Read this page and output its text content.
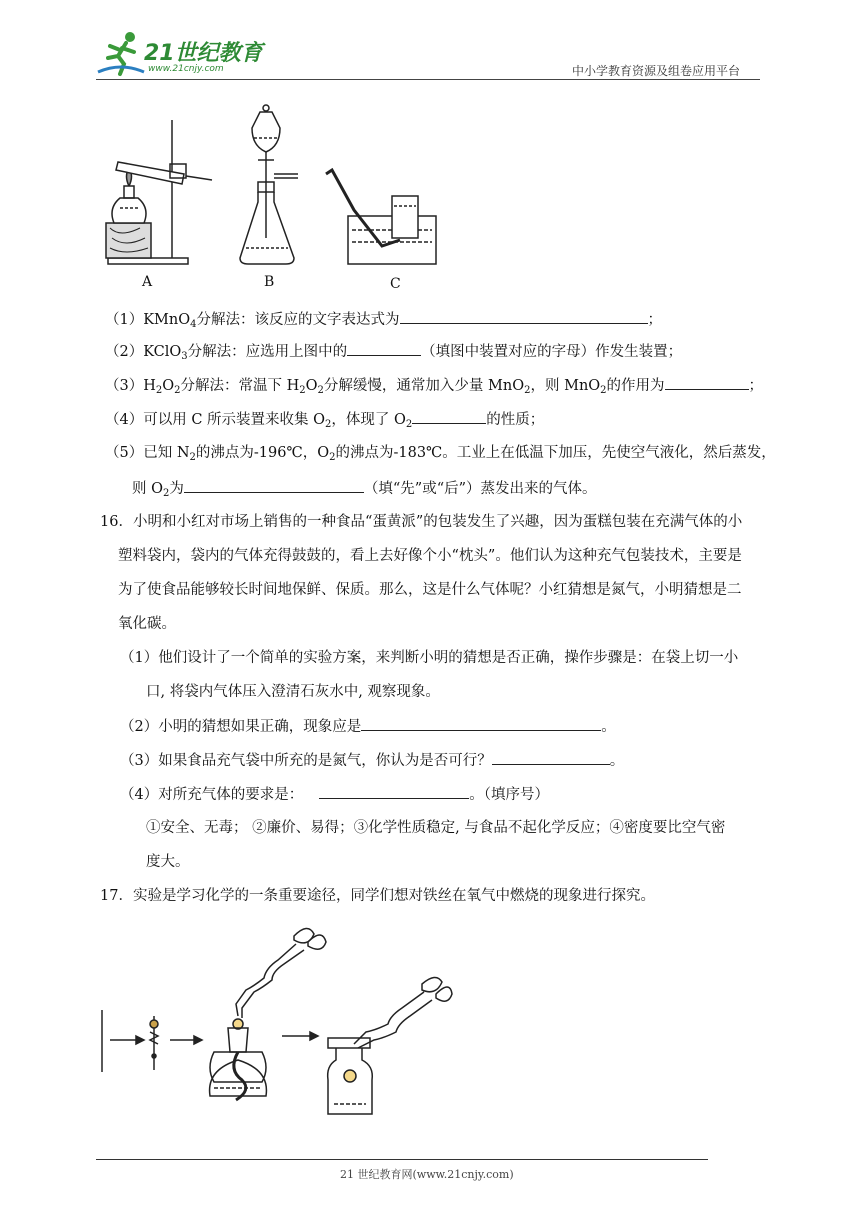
21世纪教育
www.21cnjy.com	中小学教育资源及组卷应用平台
A	B	C
（1）KMnO$_4$分解法：该反应的文字表达式为	；
（2）KClO$_3$分解法：应选用上图中的	（填图中装置对应的字母）作发生装置；
$(3)H_2O_2$分解法：常温下 $H_2O_2$分解缓慢，通常加入少量 MnO$_2$，则 MnO$_2$的作用为	；
（4）可以用 C 所示装置来收集 $O_2$，体现了 $O_2$	的性质；
（5）已知 $N_2$的沸点为-196℃，$O_2$的沸点为-183℃。工业上在低温下加压，先使空气液化，然后蒸发，
则 $O_2$为	（填“先”或“后”）蒸发出来的气体。
16．小明和小红对市场上销售的一种食品“蛋黄派”的包装发生了兴趣，因为蛋糕包装在充满气体的小
塑料袋内，袋内的气体充得鼓鼓的，看上去好像个小“枕头”。他们认为这种充气包装技术，主要是
为了使食品能够较长时间地保鲜、保质。那么，这是什么气体呢？小红猜想是氮气，小明猜想是二
氧化碳。
（1）他们设计了一个简单的实验方案，来判断小明的猜想是否正确，操作步骤是：在袋上切一小
口, 将袋内气体压入澄清石灰水中, 观察现象。
（2）小明的猜想如果正确，现象应是	。
（3）如果食品充气袋中所充的是氮气，你认为是否可行？	。
（4）对所充气体的要求是：	。（填序号）
①安全、无毒； ②廉价、易得；③化学性质稳定, 与食品不起化学反应；④密度要比空气密
度大。
17．实验是学习化学的一条重要途径，同学们想对铁丝在氧气中燃烧的现象进行探究。
21 世纪教育网(www.21cnjy.com)
